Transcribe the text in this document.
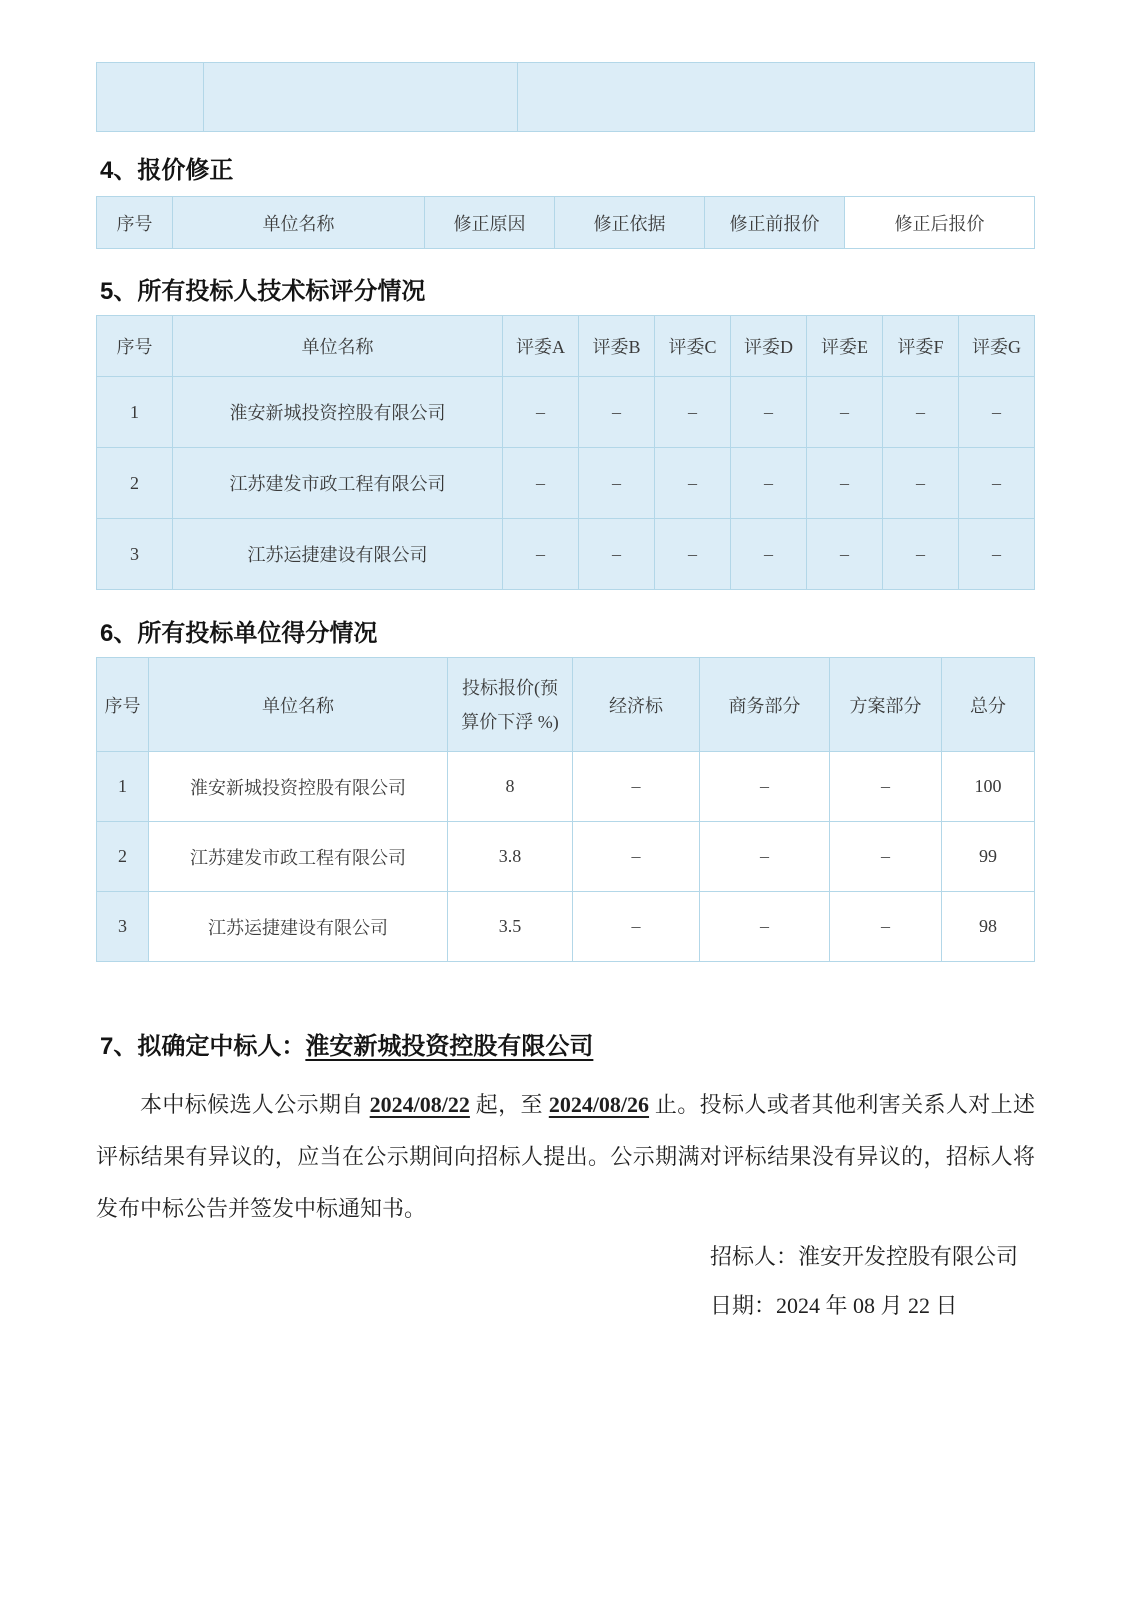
4、报价修正
序号	单位名称	修正原因	修正依据	修正前报价	修正后报价
5、所有投标人技术标评分情况
序号	单位名称	评委A	评委B	评委C	评委D	评委E	评委F	评委G
1	淮安新城投资控股有限公司	–	–	–	–	–	–	–
2	江苏建发市政工程有限公司	–	–	–	–	–	–	–
3	江苏运捷建设有限公司	–	–	–	–	–	–	–
6、所有投标单位得分情况
序号	单位名称	投标报价(预算价下浮 %)	经济标	商务部分	方案部分	总分
1	淮安新城投资控股有限公司	8	–	–	–	100
2	江苏建发市政工程有限公司	3.8	–	–	–	99
3	江苏运捷建设有限公司	3.5	–	–	–	98
7、拟确定中标人：淮安新城投资控股有限公司

本中标候选人公示期自 2024/08/22 起，至 2024/08/26 止。投标人或者其他利害关系人对上述评标结果有异议的，应当在公示期间向招标人提出。公示期满对评标结果没有异议的，招标人将发布中标公告并签发中标通知书。

招标人：淮安开发控股有限公司
日期：2024 年 08 月 22 日
